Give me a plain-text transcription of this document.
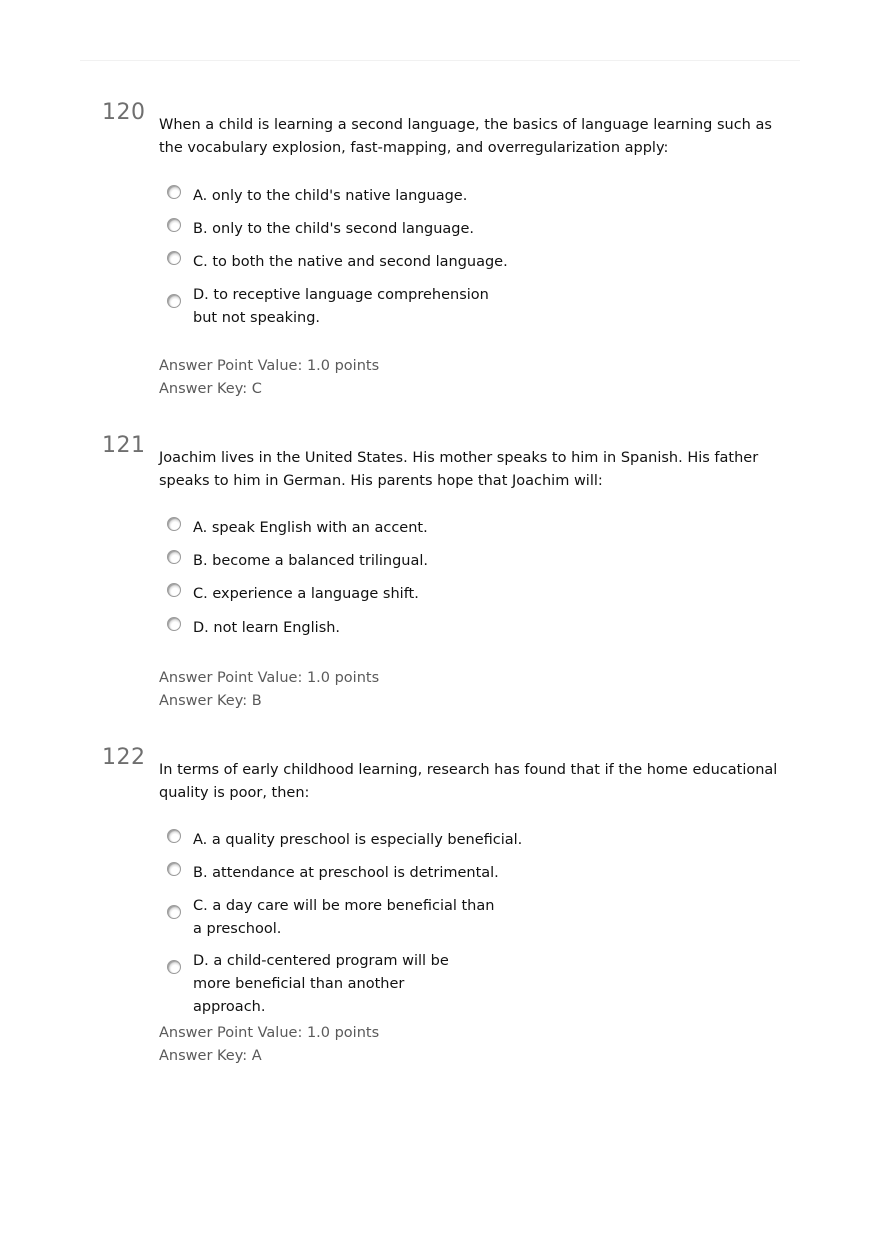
120 When a child is learning a second language, the basics of language learning such as the vocabulary explosion, fast-mapping, and overregularization apply:
A. only to the child's native language.
B. only to the child's second language.
C. to both the native and second language.
D. to receptive language comprehension but not speaking.
Answer Point Value: 1.0 points
Answer Key: C
121 Joachim lives in the United States. His mother speaks to him in Spanish. His father speaks to him in German. His parents hope that Joachim will:
A. speak English with an accent.
B. become a balanced trilingual.
C. experience a language shift.
D. not learn English.
Answer Point Value: 1.0 points
Answer Key: B
122 In terms of early childhood learning, research has found that if the home educational quality is poor, then:
A. a quality preschool is especially beneficial.
B. attendance at preschool is detrimental.
C. a day care will be more beneficial than a preschool.
D. a child-centered program will be more beneficial than another approach.
Answer Point Value: 1.0 points
Answer Key: A
